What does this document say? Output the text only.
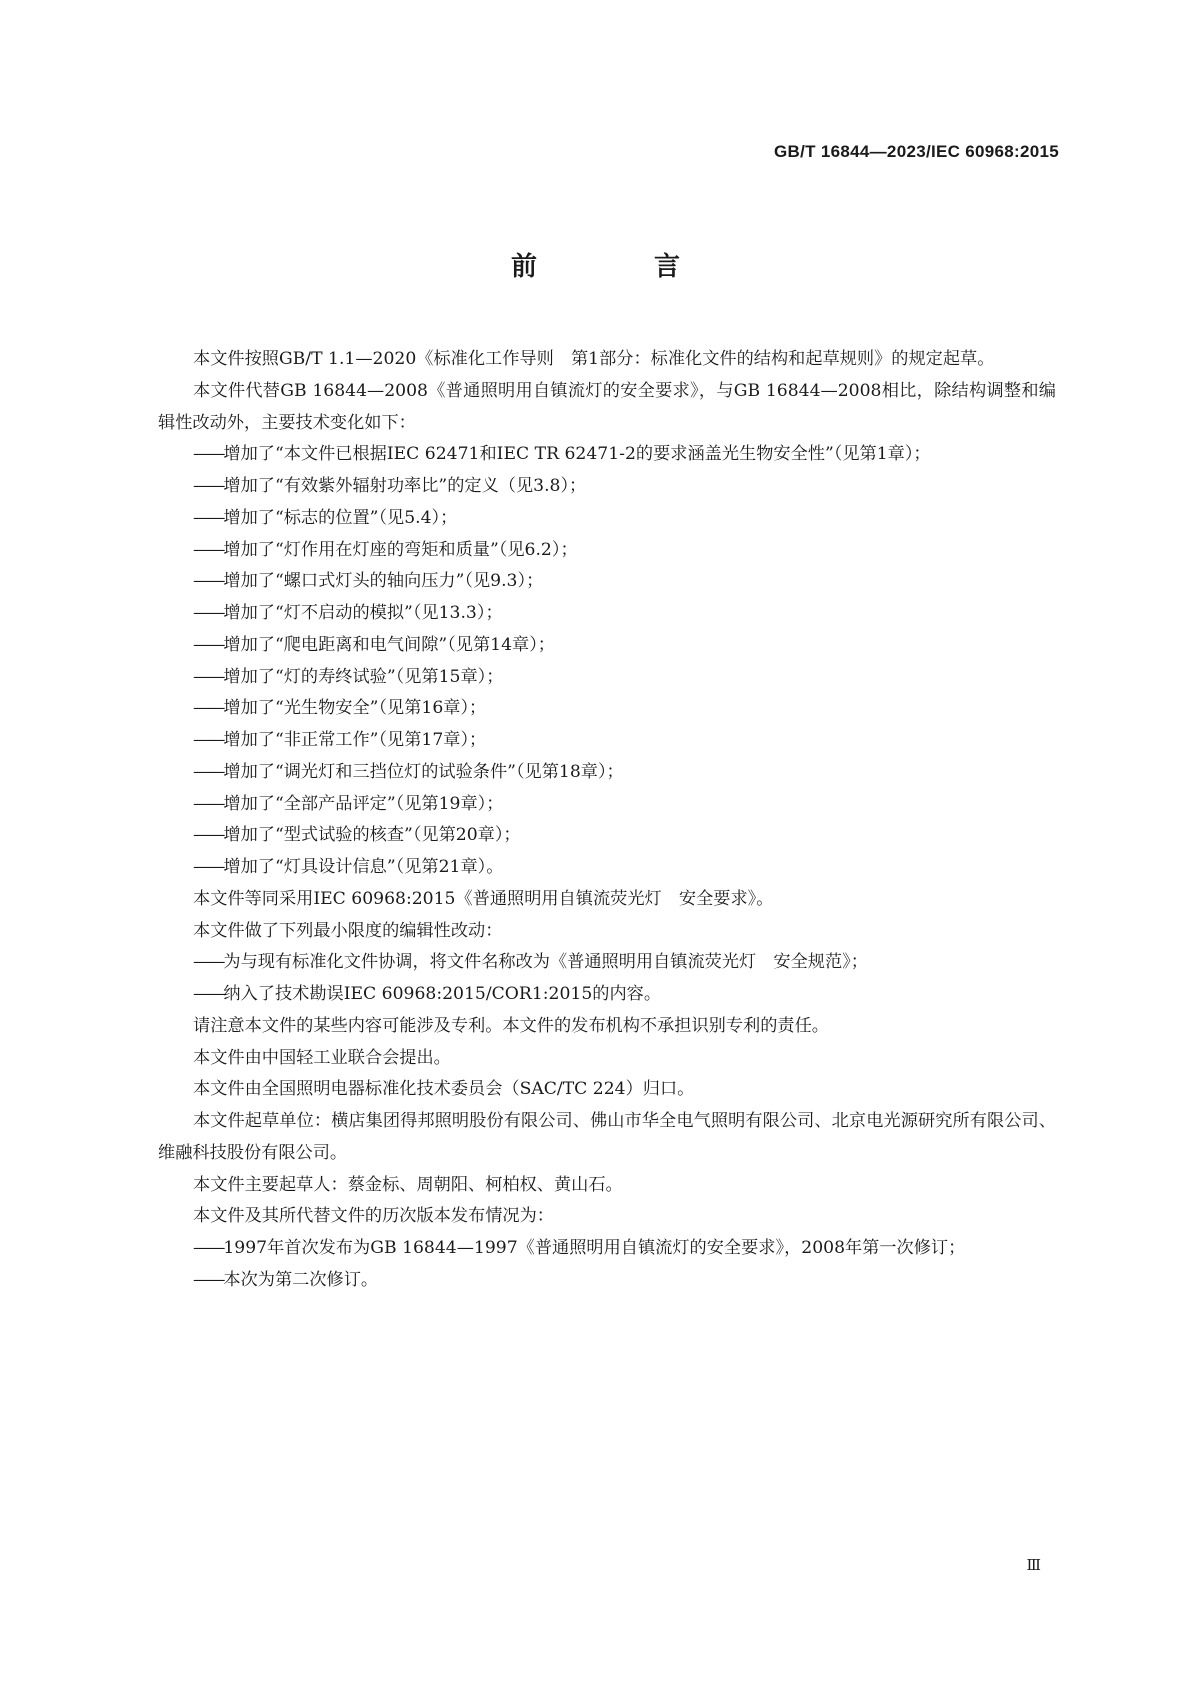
GB/T 16844—2023/IEC 60968:2015
前 言

本文件按照GB/T 1.1—2020《标准化工作导则　第1部分：标准化文件的结构和起草规则》的规定起草。

本文件代替GB 16844—2008《普通照明用自镇流灯的安全要求》，与GB 16844—2008相比，除结构调整和编辑性改动外，主要技术变化如下：

——增加了“本文件已根据IEC 62471和IEC TR 62471-2的要求涵盖光生物安全性”（见第1章）；
——增加了“有效紫外辐射功率比”的定义（见3.8）；
——增加了“标志的位置”（见5.4）；
——增加了“灯作用在灯座的弯矩和质量”（见6.2）；
——增加了“螺口式灯头的轴向压力”（见9.3）；
——增加了“灯不启动的模拟”（见13.3）；
——增加了“爬电距离和电气间隙”（见第14章）；
——增加了“灯的寿终试验”（见第15章）；
——增加了“光生物安全”（见第16章）；
——增加了“非正常工作”（见第17章）；
——增加了“调光灯和三挡位灯的试验条件”（见第18章）；
——增加了“全部产品评定”（见第19章）；
——增加了“型式试验的核查”（见第20章）；
——增加了“灯具设计信息”（见第21章）。

本文件等同采用IEC 60968:2015《普通照明用自镇流荧光灯　安全要求》。

本文件做了下列最小限度的编辑性改动：

——为与现有标准化文件协调，将文件名称改为《普通照明用自镇流荧光灯　安全规范》；
——纳入了技术勘误IEC 60968:2015/COR1:2015的内容。

请注意本文件的某些内容可能涉及专利。本文件的发布机构不承担识别专利的责任。

本文件由中国轻工业联合会提出。

本文件由全国照明电器标准化技术委员会（SAC/TC 224）归口。

本文件起草单位：横店集团得邦照明股份有限公司、佛山市华全电气照明有限公司、北京电光源研究所有限公司、维融科技股份有限公司。

本文件主要起草人：蔡金标、周朝阳、柯柏权、黄山石。

本文件及其所代替文件的历次版本发布情况为：

——1997年首次发布为GB 16844—1997《普通照明用自镇流灯的安全要求》，2008年第一次修订；
——本次为第二次修订。
Ⅲ
